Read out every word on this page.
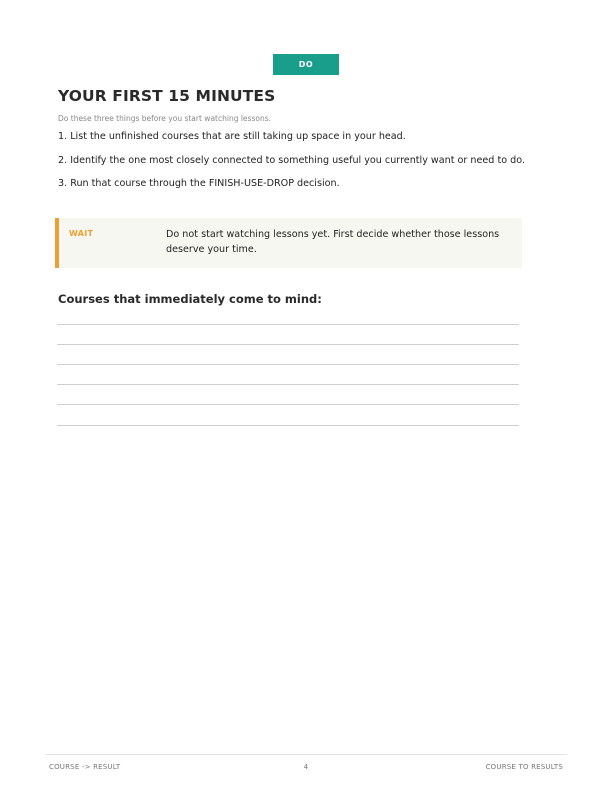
DO
YOUR FIRST 15 MINUTES
Do these three things before you start watching lessons.
1. List the unfinished courses that are still taking up space in your head.
2. Identify the one most closely connected to something useful you currently want or need to do.
3. Run that course through the FINISH-USE-DROP decision.
WAIT	Do not start watching lessons yet. First decide whether those lessons deserve your time.
Courses that immediately come to mind:
COURSE -> RESULT	4	COURSE TO RESULTS
